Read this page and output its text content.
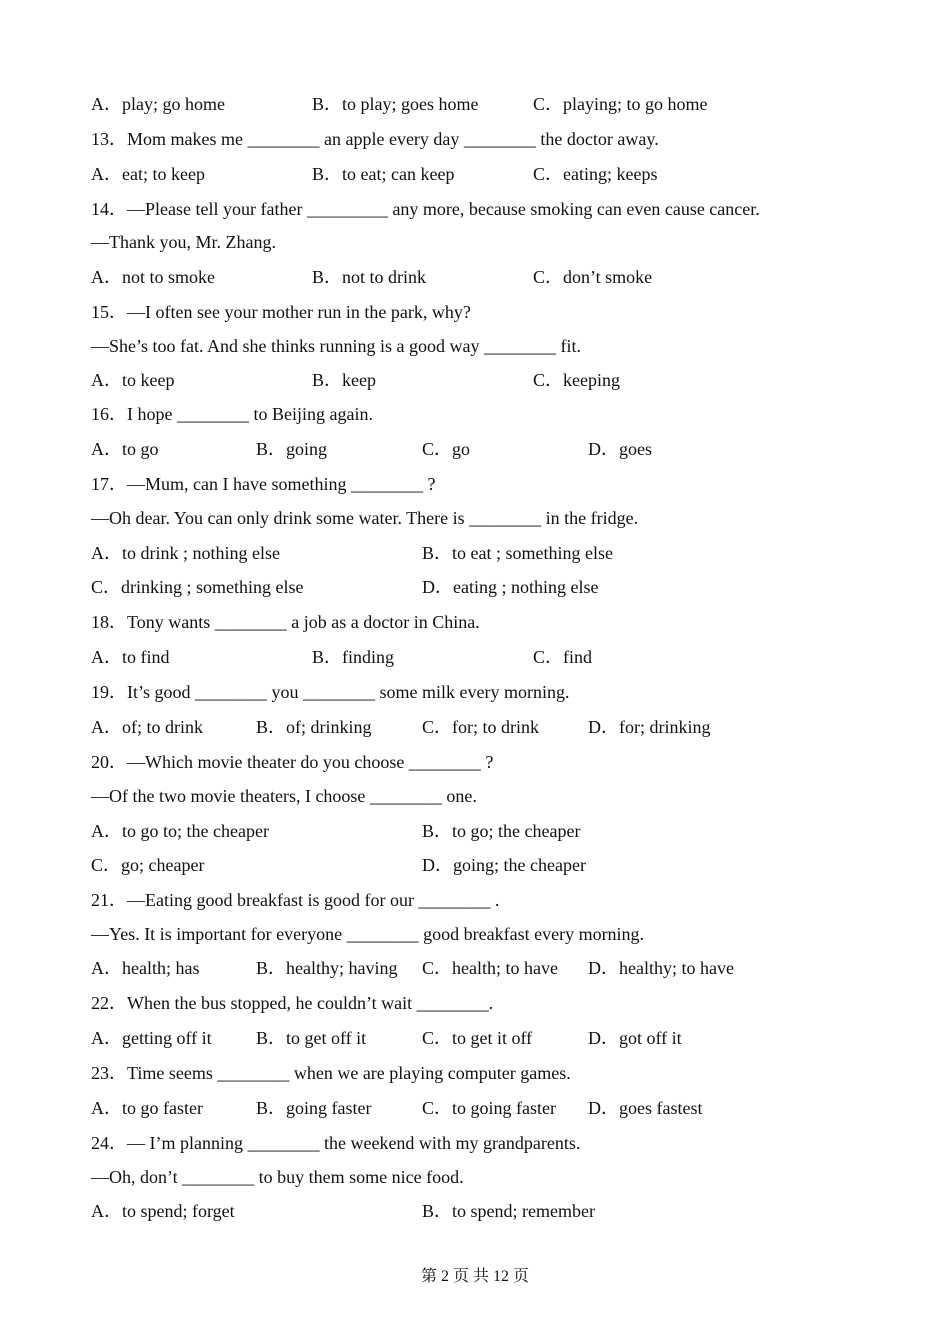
A．play; go home	B．to play; goes home	C．playing; to go home
13．Mom makes me ________ an apple every day ________ the doctor away.
A．eat; to keep	B．to eat; can keep	C．eating; keeps
14．—Please tell your father _________ any more, because smoking can even cause cancer.
—Thank you, Mr. Zhang.
A．not to smoke	B．not to drink	C．don’t smoke
15．—I often see your mother run in the park, why?
—She’s too fat. And she thinks running is a good way ________ fit.
A．to keep	B．keep	C．keeping
16．I hope ________ to Beijing again.
A．to go	B．going	C．go	D．goes
17．—Mum, can I have something ________ ?
—Oh dear. You can only drink some water. There is ________ in the fridge.
A．to drink ; nothing else	B．to eat ; something else
C．drinking ; something else	D．eating ; nothing else
18．Tony wants ________ a job as a doctor in China.
A．to find	B．finding	C．find
19．It’s good ________ you ________ some milk every morning.
A．of; to drink	B．of; drinking	C．for; to drink	D．for; drinking
20．—Which movie theater do you choose ________ ?
—Of the two movie theaters, I choose ________ one.
A．to go to; the cheaper	B．to go; the cheaper
C．go; cheaper	D．going; the cheaper
21．—Eating good breakfast is good for our ________ .
—Yes. It is important for everyone ________ good breakfast every morning.
A．health; has	B．healthy; having C．health; to have D．healthy; to have
22．When the bus stopped, he couldn’t wait ________.
A．getting off it B．to get off it	C．to get it off	D．got off it
23．Time seems ________ when we are playing computer games.
A．to go faster	B．going faster	C．to going faster D．goes fastest
24．— I’m planning ________ the weekend with my grandparents.
—Oh, don’t ________ to buy them some nice food.
A．to spend; forget	B．to spend; remember
第 2 页 共 12 页
